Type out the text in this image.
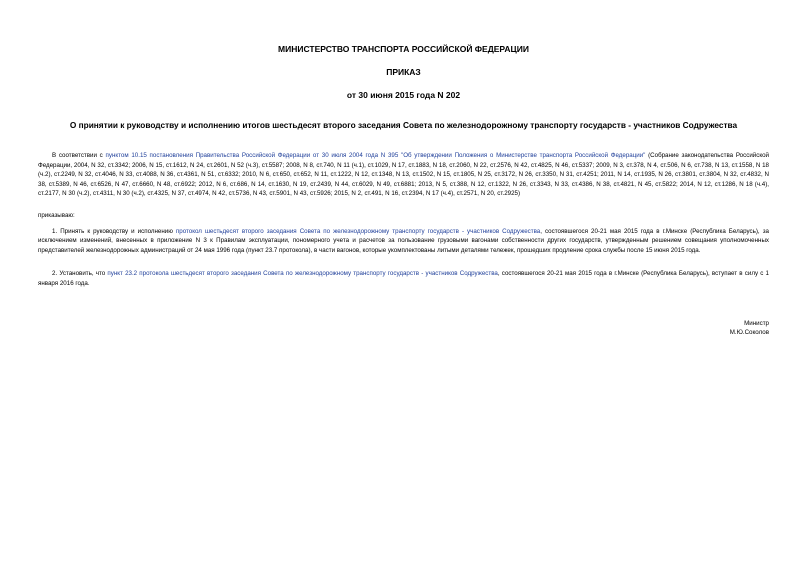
МИНИСТЕРСТВО ТРАНСПОРТА РОССИЙСКОЙ ФЕДЕРАЦИИ
ПРИКАЗ
от 30 июня 2015 года N 202
О принятии к руководству и исполнению итогов шестьдесят второго заседания Совета по железнодорожному транспорту государств - участников Содружества

В соответствии с пунктом 10.15 постановления Правительства Российской Федерации от 30 июля 2004 года N 395 "Об утверждении Положения о Министерстве транспорта Российской Федерации" (Собрание законодательства Российской Федерации, 2004, N 32, ст.3342; 2006, N 15, ст.1612, N 24, ст.2601, N 52 (ч.3), ст.5587; 2008, N 8, ст.740, N 11 (ч.1), ст.1029, N 17, ст.1883, N 18, ст.2060, N 22, ст.2576, N 42, ст.4825, N 46, ст.5337; 2009, N 3, ст.378, N 4, ст.506, N 6, ст.738, N 13, ст.1558, N 18 (ч.2), ст.2249, N 32, ст.4046, N 33, ст.4088, N 36, ст.4361, N 51, ст.6332; 2010, N 6, ст.650, ст.652, N 11, ст.1222, N 12, ст.1348, N 13, ст.1502, N 15, ст.1805, N 25, ст.3172, N 26, ст.3350, N 31, ст.4251; 2011, N 14, ст.1935, N 26, ст.3801, ст.3804, N 32, ст.4832, N 38, ст.5389, N 46, ст.6526, N 47, ст.6660, N 48, ст.6922; 2012, N 6, ст.686, N 14, ст.1630, N 19, ст.2439, N 44, ст.6029, N 49, ст.6881; 2013, N 5, ст.388, N 12, ст.1322, N 26, ст.3343, N 33, ст.4386, N 38, ст.4821, N 45, ст.5822; 2014, N 12, ст.1286, N 18 (ч.4), ст.2177, N 30 (ч.2), ст.4311, N 30 (ч.2), ст.4325, N 37, ст.4974, N 42, ст.5736, N 43, ст.5901, N 43, ст.5926; 2015, N 2, ст.491, N 16, ст.2394, N 17 (ч.4), ст.2571, N 20, ст.2925)

приказываю:

1. Принять к руководству и исполнению протокол шестьдесят второго заседания Совета по железнодорожному транспорту государств - участников Содружества, состоявшегося 20-21 мая 2015 года в г.Минске (Республика Беларусь), за исключением изменений, внесенных в приложение N 3 к Правилам эксплуатации, пономерного учета и расчетов за пользование грузовыми вагонами собственности других государств, утвержденным решением совещания уполномоченных представителей железнодорожных администраций от 24 мая 1996 года (пункт 23.7 протокола), в части вагонов, которые укомплектованы литыми деталями тележек, прошедших продление срока службы после 15 июня 2015 года.

2. Установить, что пункт 23.2 протокола шестьдесят второго заседания Совета по железнодорожному транспорту государств - участников Содружества, состоявшегося 20-21 мая 2015 года в г.Минске (Республика Беларусь), вступает в силу с 1 января 2016 года.

Министр
М.Ю.Соколов
